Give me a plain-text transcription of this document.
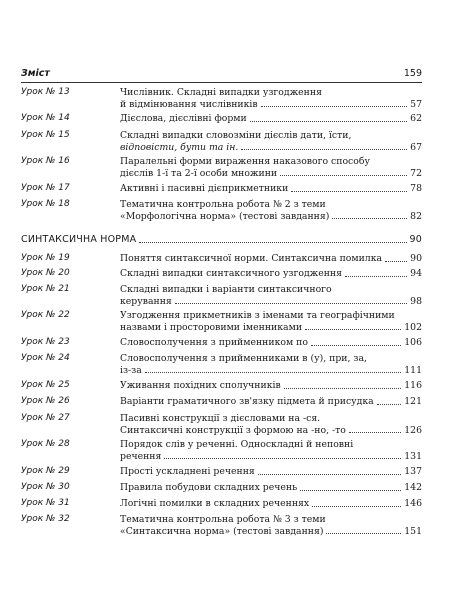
Зміст	159
Урок № 13	Числівник. Складні випадки узгодження
й відмінювання числівників	57
Урок № 14	Дієслова, дієслівні форми	62
Урок № 15	Складні випадки словозміни дієслів дати, їсти,
відповісти, бути та ін.	67
Урок № 16	Паралельні форми вираження наказового способу
дієслів 1-ї та 2-ї особи множини	72
Урок № 17	Активні і пасивні дієприкметники	78
Урок № 18	Тематична контрольна робота № 2 з теми
«Морфологічна норма» (тестові завдання)	82
СИНТАКСИЧНА НОРМА	90
Урок № 19	Поняття синтаксичної норми. Синтаксична помилка	90
Урок № 20	Складні випадки синтаксичного узгодження	94
Урок № 21	Складні випадки і варіанти синтаксичного
керування	98
Урок № 22	Узгодження прикметників з іменами та географічними
назвами і просторовими іменниками	102
Урок № 23	Словосполучення з прийменником по	106
Урок № 24	Словосполучення з прийменниками в (у), при, за,
із-за	111
Урок № 25	Уживання похідних сполучників	116
Урок № 26	Варіанти граматичного зв'язку підмета й присудка	121
Урок № 27	Пасивні конструкції з дієсловами на -ся.
Синтаксичні конструкції з формою на -но, -то	126
Урок № 28	Порядок слів у реченні. Односкладні й неповні
речення	131
Урок № 29	Прості ускладнені речення	137
Урок № 30	Правила побудови складних речень	142
Урок № 31	Логічні помилки в складних реченнях	146
Урок № 32	Тематична контрольна робота № 3 з теми
«Синтаксична норма» (тестові завдання)	151
